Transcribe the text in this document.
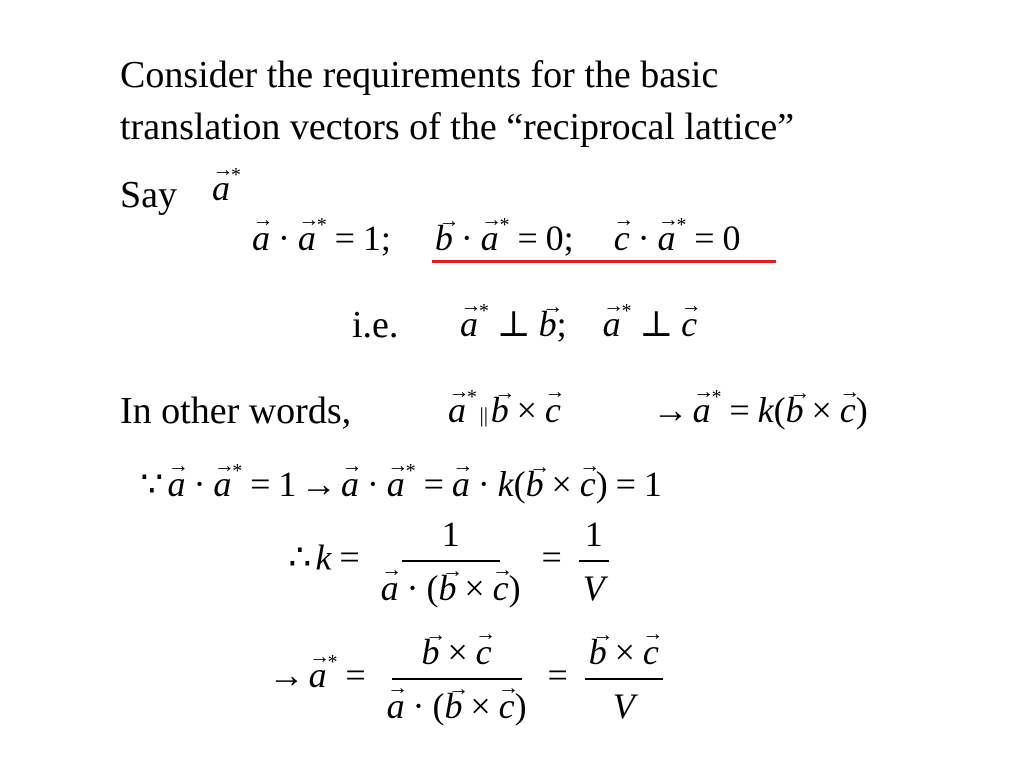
Consider the requirements for the basic
translation vectors of the “reciprocal lattice”
Say
→ a*
→ a ·→ a* = 1;  → b ·→ a* = 0;  → c ·→ a* = 0
i.e.
→ a* ⊥→ b;  → a* ⊥→ c
In other words,
→	a*||→ b ×→ c	→→ a* = k(→ b ×→ c)
∵→ a ·→ a* = 1 →→ a ·→ a* =→ a · k(→ b ×→ c) = 1
∴ k = 1
→ a · (→ $b \times\to c) = \frac{1}{V}$
→→ a* =
→ b ×→ c
→ a · (→ b ×→ c) =
→ $\frac{b \times\to c}{V}$
